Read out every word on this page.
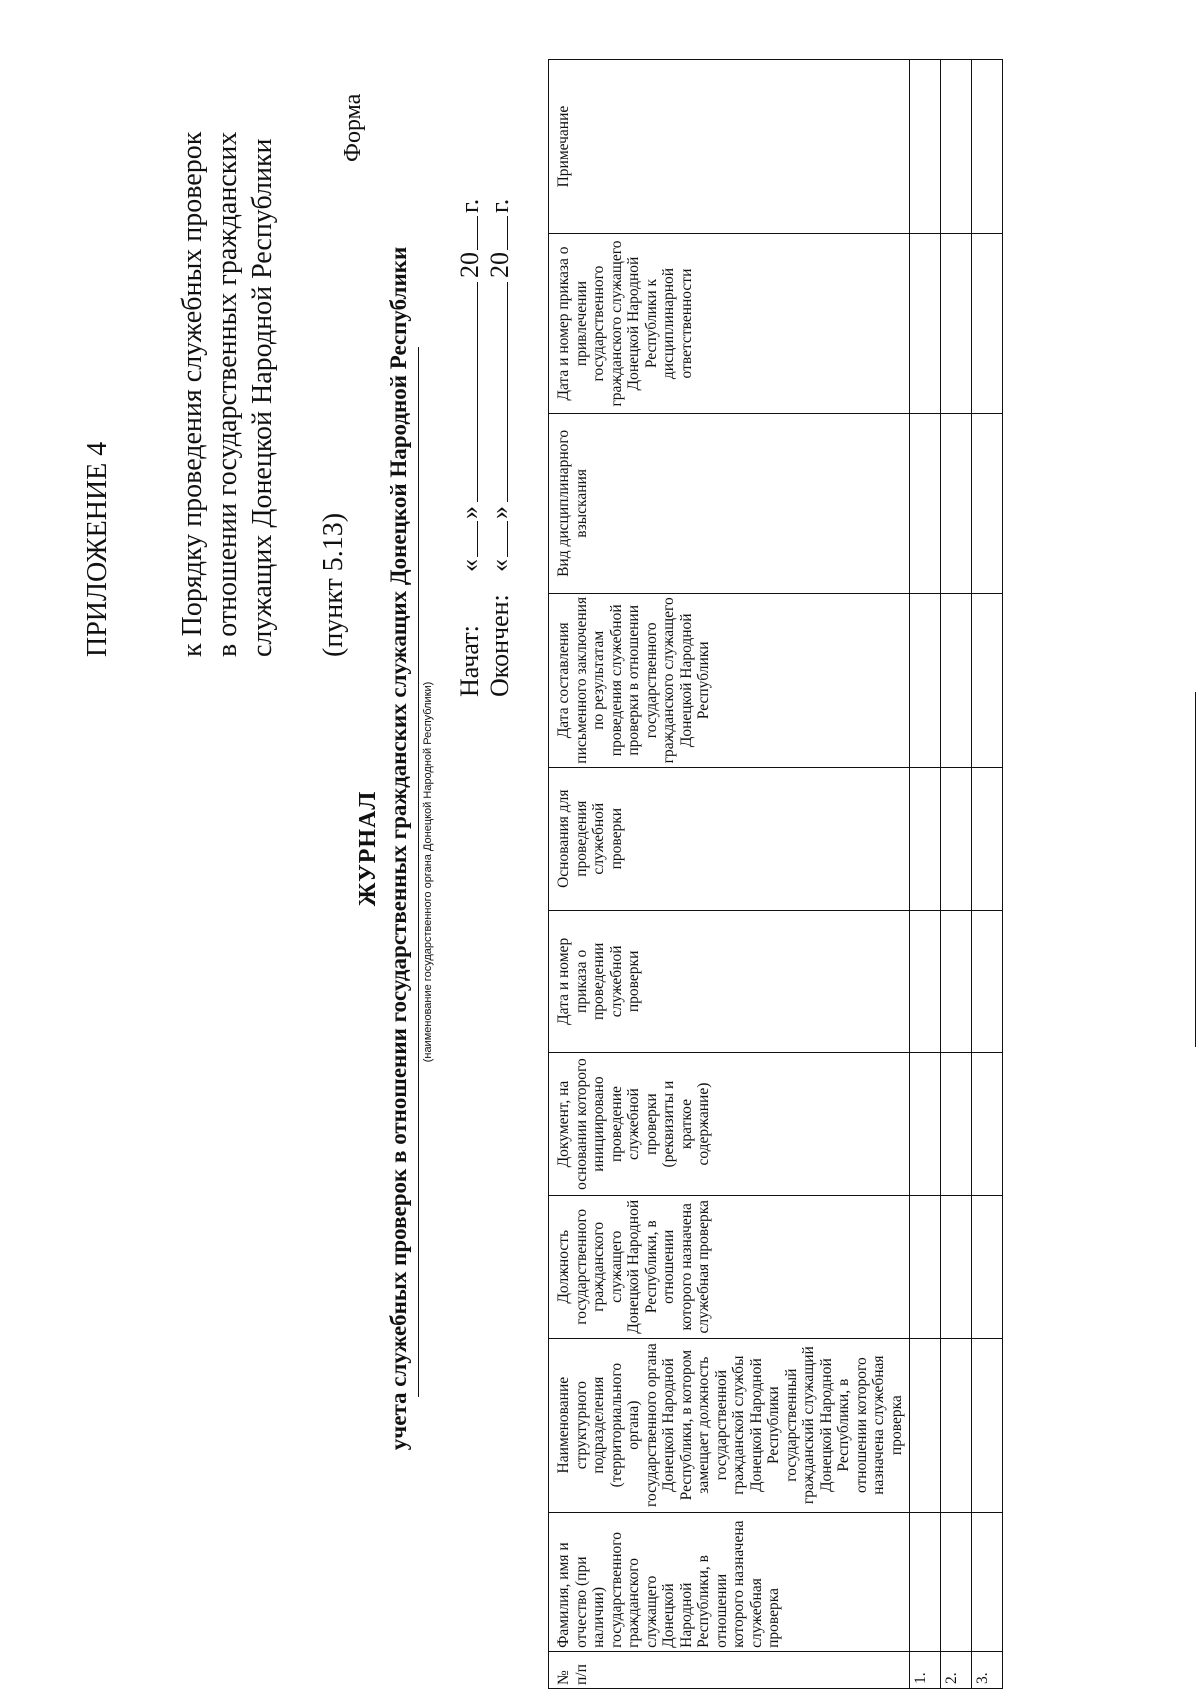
ПРИЛОЖЕНИЕ 4 к Порядку проведения служебных проверок в отношении государственных гражданских служащих Донецкой Народной Республики (пункт 5.13)

Форма

ЖУРНАЛ учета служебных проверок в отношении государственных гражданских служащих Донецкой Народной Республики (наименование государственного органа Донецкой Народной Республики)
Начат:
«
»
20
г.
Окончен:
«
»
20
г.
№ п/п	Фамилия, имя и отчество (при наличии) государственного гражданского служащего Донецкой Народной Республики, в отношении которого назначена служебная проверка	Наименование структурного подразделения (территориального органа) государственного органа Донецкой Народной Республики, в котором замещает должность государственной гражданской службы Донецкой Народной Республики государственный гражданский служащий Донецкой Народной Республики, в отношении которого назначена служебная проверка	Должность государственного гражданского служащего Донецкой Народной Республики, в отношении которого назначена служебная проверка	Документ, на основании которого инициировано проведение служебной проверки (реквизиты и краткое содержание)	Дата и номер приказа о проведении служебной проверки	Основания для проведения служебной проверки	Дата составления письменного заключения по результатам проведения служебной проверки в отношении государственного гражданского служащего Донецкой Народной Республики	Вид дисциплинарного взыскания	Дата и номер приказа о привлечении государственного гражданского служащего Донецкой Народной Республики к дисциплинарной ответственности	Примечание
1.										
2.										
3.										
